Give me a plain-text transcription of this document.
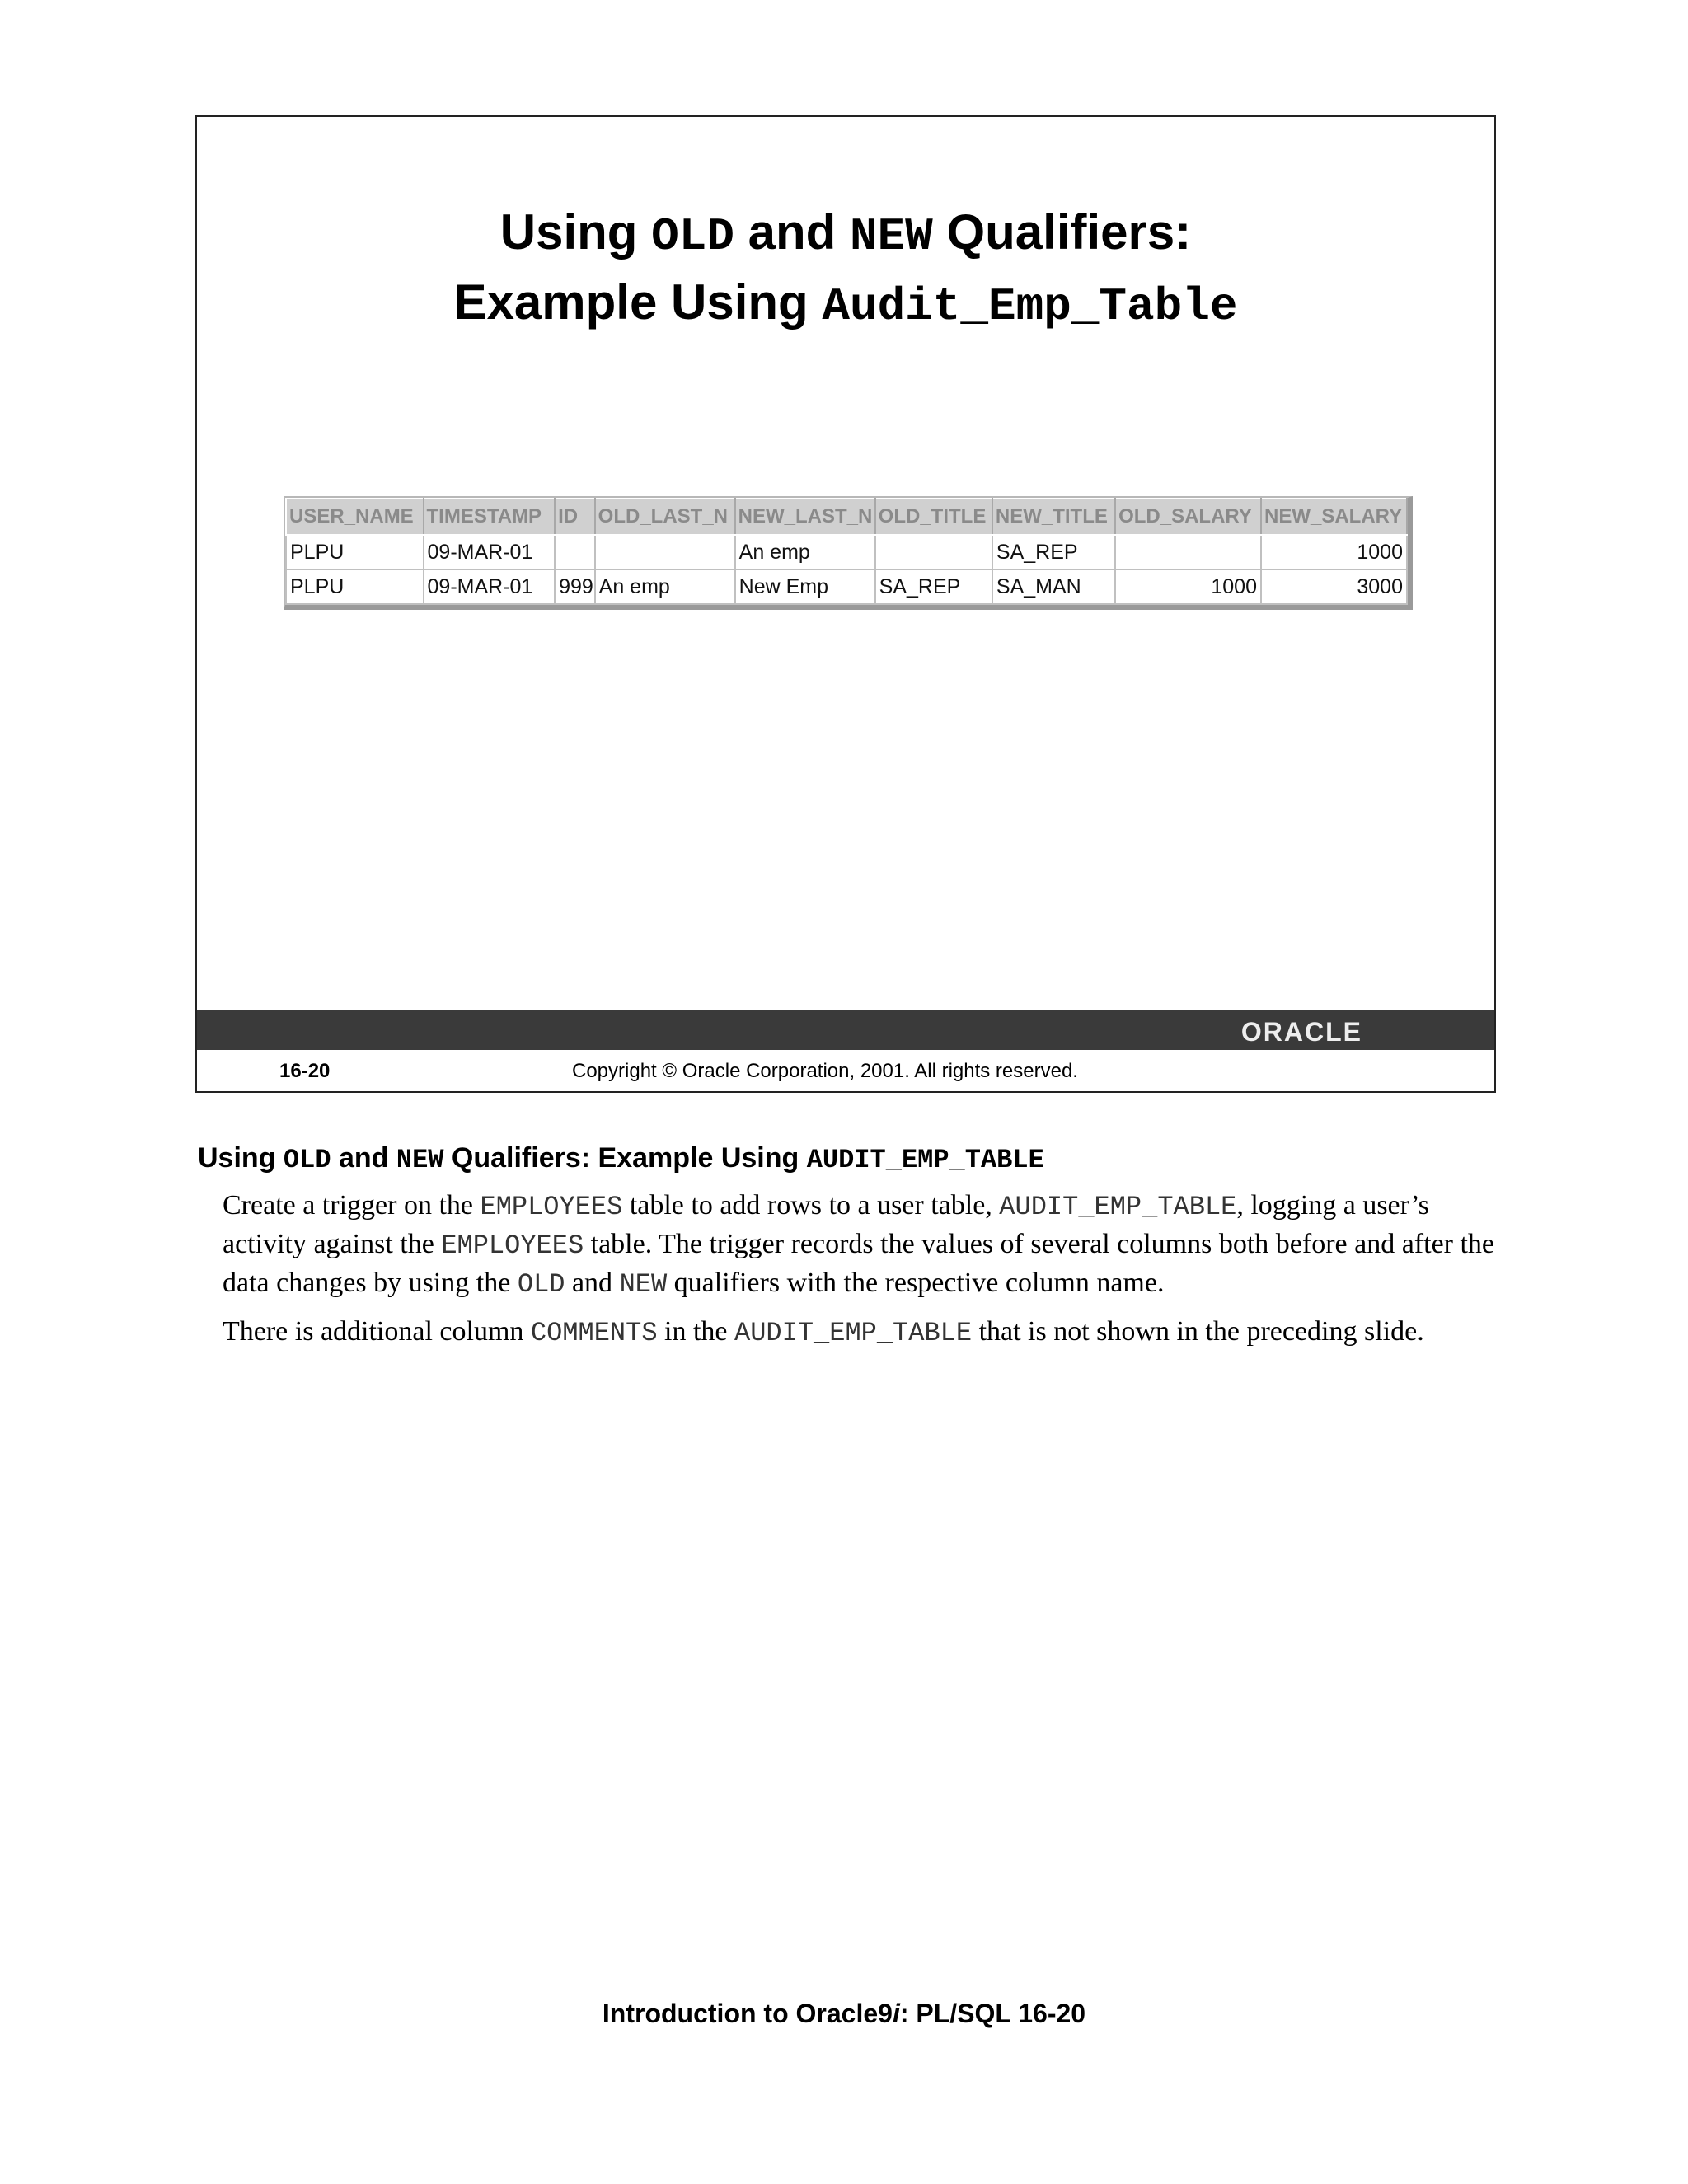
Using OLD and NEW Qualifiers:
Example Using Audit_Emp_Table
USER_NAME	TIMESTAMP	ID	OLD_LAST_N	NEW_LAST_N	OLD_TITLE	NEW_TITLE	OLD_SALARY	NEW_SALARY
PLPU	09-MAR-01			An emp		SA_REP		1000
PLPU	09-MAR-01	999	An emp	New Emp	SA_REP	SA_MAN	1000	3000
ORACLE
16-20	Copyright © Oracle Corporation, 2001. All rights reserved.
Using OLD and NEW Qualifiers: Example Using AUDIT_EMP_TABLE

Create a trigger on the EMPLOYEES table to add rows to a user table, AUDIT_EMP_TABLE, logging a user’s activity against the EMPLOYEES table. The trigger records the values of several columns both before and after the data changes by using the OLD and NEW qualifiers with the respective column name.

There is additional column COMMENTS in the AUDIT_EMP_TABLE that is not shown in the preceding slide.

Introduction to Oracle9i: PL/SQL 16-20
